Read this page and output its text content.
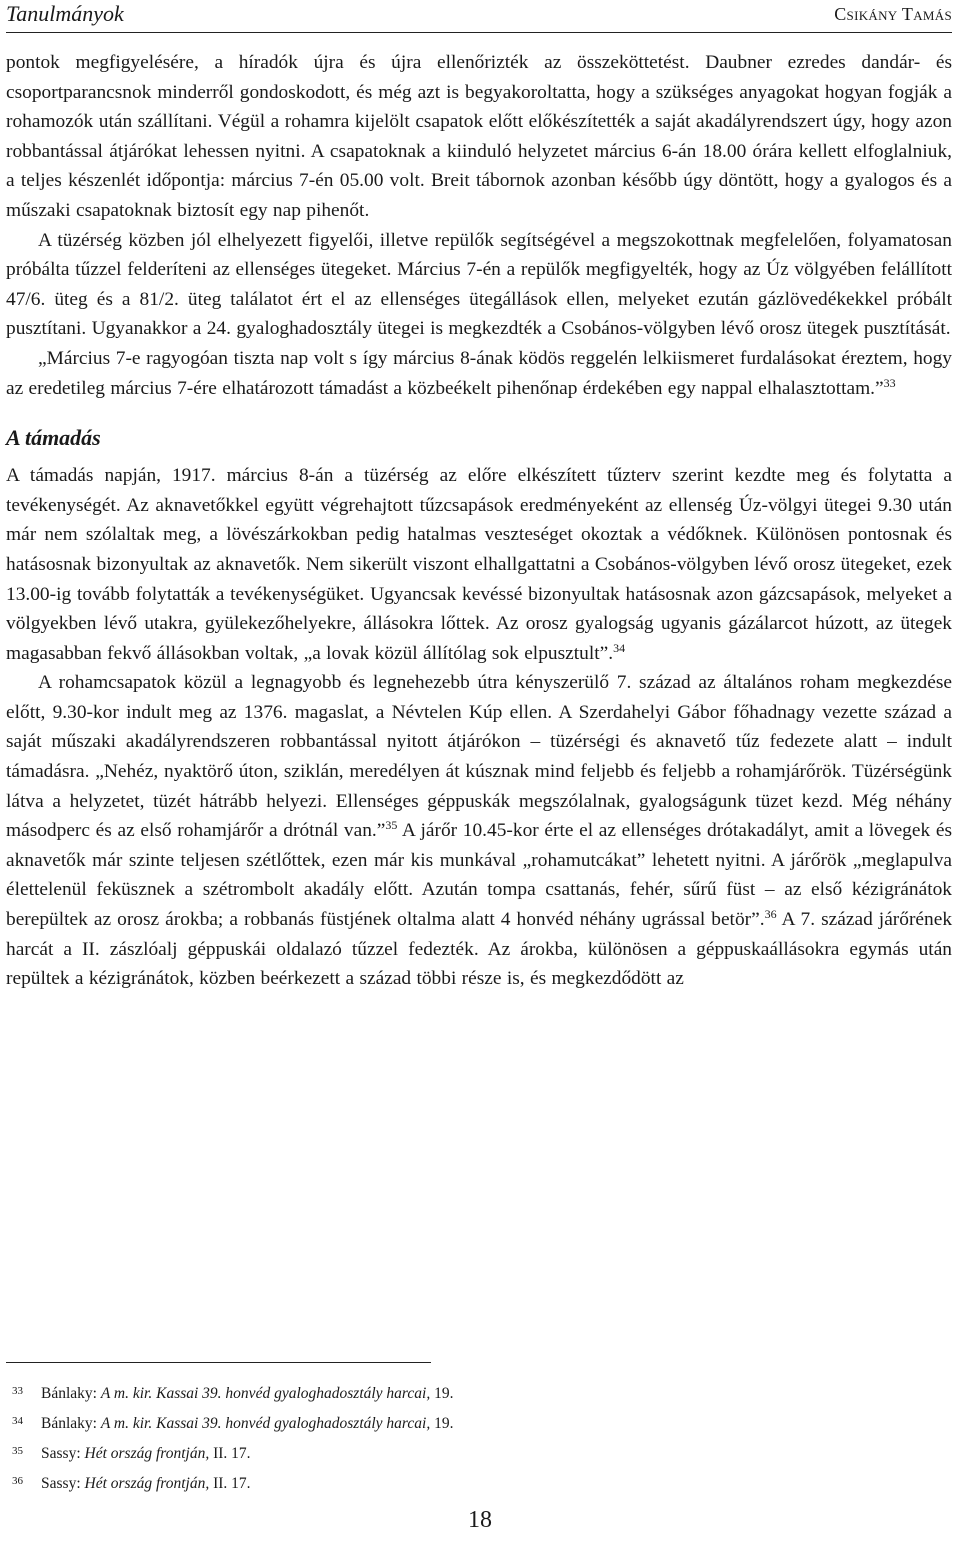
Tanulmányok	Csikány Tamás

pontok megfigyelésére, a híradók újra és újra ellenőrizték az összeköttetést. Daubner ezredes dandár- és csoportparancsnok minderről gondoskodott, és még azt is begyakoroltatta, hogy a szükséges anyagokat hogyan fogják a rohamozók után szállítani. Végül a rohamra kijelölt csapatok előtt előkészítették a saját akadályrendszert úgy, hogy azon robbantással átjárókat lehessen nyitni. A csapatoknak a kiinduló helyzetet március 6-án 18.00 órára kellett elfoglalniuk, a teljes készenlét időpontja: március 7-én 05.00 volt. Breit tábornok azonban később úgy döntött, hogy a gyalogos és a műszaki csapatoknak biztosít egy nap pihenőt.

A tüzérség közben jól elhelyezett figyelői, illetve repülők segítségével a megszokottnak megfelelően, folyamatosan próbálta tűzzel felderíteni az ellenséges ütegeket. Március 7-én a repülők megfigyelték, hogy az Úz völgyében felállított 47/6. üteg és a 81/2. üteg találatot ért el az ellenséges ütegállások ellen, melyeket ezután gázlövedékekkel próbált pusztítani. Ugyanakkor a 24. gyaloghadosztály ütegei is megkezdték a Csobános-völgyben lévő orosz ütegek pusztítását.

„Március 7-e ragyogóan tiszta nap volt s így március 8-ának ködös reggelén lelkiismeret furdalásokat éreztem, hogy az eredetileg március 7-ére elhatározott támadást a közbeékelt pihenőnap érdekében egy nappal elhalasztottam.”$^{33}$

A támadás

A támadás napján, 1917. március 8-án a tüzérség az előre elkészített tűzterv szerint kezdte meg és folytatta a tevékenységét. Az aknavetőkkel együtt végrehajtott tűzcsapások eredményeként az ellenség Úz-völgyi ütegei 9.30 után már nem szólaltak meg, a lövészárkokban pedig hatalmas veszteséget okoztak a védőknek. Különösen pontosnak és hatásosnak bizonyultak az aknavetők. Nem sikerült viszont elhallgattatni a Csobános-völgyben lévő orosz ütegeket, ezek 13.00-ig tovább folytatták a tevékenységüket. Ugyancsak kevéssé bizonyultak hatásosnak azon gázcsapások, melyeket a völgyekben lévő utakra, gyülekezőhelyekre, állásokra lőttek. Az orosz gyalogság ugyanis gázálarcot húzott, az ütegek magasabban fekvő állásokban voltak, „a lovak közül állítólag sok elpusztult”.$^{34}$

A rohamcsapatok közül a legnagyobb és legnehezebb útra kényszerülő 7. század az általános roham megkezdése előtt, 9.30-kor indult meg az 1376. magaslat, a Névtelen Kúp ellen. A Szerdahelyi Gábor főhadnagy vezette század a saját műszaki akadályrendszeren robbantással nyitott átjárókon – tüzérségi és aknavető tűz fedezete alatt – indult támadásra. „Nehéz, nyaktörő úton, sziklán, meredélyen át kúsznak mind feljebb és feljebb a rohamjárőrök. Tüzérségünk látva a helyzetet, tüzét hátrább helyezi. Ellenséges géppuskák megszólalnak, gyalogságunk tüzet kezd. Még néhány másodperc és az első rohamjárőr a drótnál van.”$^{35}$ A járőr 10.45-kor érte el az ellenséges drótakadályt, amit a lövegek és aknavetők már szinte teljesen szétlőttek, ezen már kis munkával „rohamutcákat” lehetett nyitni. A járőrök „meglapulva élettelenül feküsznek a szétrombolt akadály előtt. Azután tompa csattanás, fehér, sűrű füst – az első kézigránátok berepültek az orosz árokba; a robbanás füstjének oltalma alatt 4 honvéd néhány ugrással betör”.$^{36}$ A 7. század járőrének harcát a II. zászlóalj géppuskái oldalazó tűzzel fedezték. Az árokba, különösen a géppuskaállásokra egymás után repültek a kézigránátok, közben beérkezett a század többi része is, és megkezdődött az

33 Bánlaky: A m. kir. Kassai 39. honvéd gyaloghadosztály harcai, 19.
34 Bánlaky: A m. kir. Kassai 39. honvéd gyaloghadosztály harcai, 19.
35 Sassy: Hét ország frontján, II. 17.
36 Sassy: Hét ország frontján, II. 17.
18
